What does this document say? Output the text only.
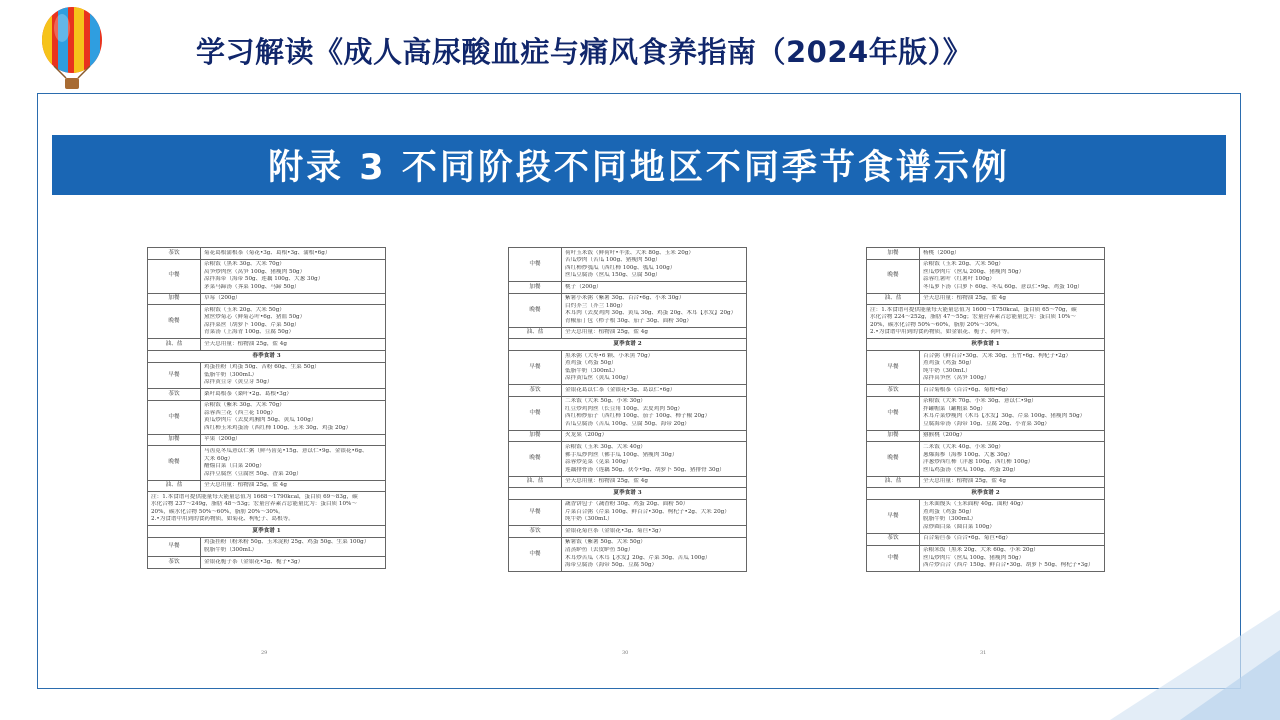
学习解读《成人高尿酸血症与痛风食养指南（2024年版）》
附录 3 不同阶段不同地区不同季节食谱示例
茶饮	菊花葛根蒲根茶（菊花•3g、葛根•3g、蒲根•6g）

中餐	杂粮饭（黑米 30g、大米 70g）
莴笋炒肉丝（莴笋 100g、猪瘦肉 50g）
凉拌海带（海带 50g、莲藕 100g、大葱 30g）
茅菜马蹄汤（荠菜 100g、马蹄 50g）

加餐	草莓（200g）

晚餐	杂粮饭（玉米 20g、大米 50g）
黛丝炒菊芯（鲜菊芯叶•6g、猪血 50g）
凉拌菜丝（胡萝卜 100g、芹菜 50g）
青菜汤（上海青 100g、豆腐 50g）

油、盐	全天总用量：植物油 25g，盐 4g

春季食谱 3	
早餐	鸡蛋挂粉（鸡蛋 50g、苦粉 60g、生菜 50g）
低脂牛奶（300mL）
凉拌黄豆芽（黄豆芽 50g）

茶饮	桑叶葛根茶（桑叶•2g、葛根•3g）

中餐	杂粮饭（紫米 30g、大米 70g）
蒜蓉西兰花（西兰花 100g）
黄瓜炒肉片（去皮鸡胸肉 50g、黄瓜 100g）
西红柿玉米鸡蛋汤（西红柿 100g、玉米 30g、鸡蛋 20g）

加餐	苹果（200g）

晚餐	马齿苋冬瓜薏苡仁粥（鲜马齿苋•15g、薏苡仁•9g、金银花•6g、
大米 60g）
醋熘白菜（白菜 200g）
凉拌豆腐丝（豆腐丝 50g、香菜 20g）

油、盐	全天总用量：植物油 25g，盐 4g

注：1.本食谱可提供能量每天能量总值为 1668～1790kcal，蛋白质 69～83g，碳
水化合物 237～249g，脂肪 48～53g；宏量营养素占总能量比为：蛋白质 10%～
20%，碳水化合物 50%～60%，脂肪 20%～30%。
2.•为食谱中用到的食药物质，如菊花、枸杞子、葛根等。	

夏季食谱 1	
早餐	鸡蛋挂粉（粉米粉 50g、玉米淀粉 25g、鸡蛋 50g、生菜 100g）
脱脂牛奶（300mL）

茶饮	金银花栀子茶（金银花•3g、栀子•3g）
29
中餐	荷叶玉米饭（鲜荷叶•半张、大米 80g、玉米 20g）
苦瓜炒肉（苦瓜 100g、猪瘦肉 50g）
西红柿炒瓠瓜（西红柿 100g、瓠瓜 100g）
丝瓜豆腐汤（丝瓜 150g、豆腐 50g）

加餐	桃子（200g）

晚餐	紫薯小米粥（紫薯 30g、百合•6g、小米 30g）
白灼芥兰（芥兰 180g）
木耳肉（去皮鸡肉 30g、黄瓜 30g、鸡蛋 20g、木耳【水发】20g）
青椒茄丁包（栉子根 30g、茄子 30g、面粉 30g）

油、盐	全天总用量：植物油 25g，盐 4g

夏季食谱 2	
早餐	黑米粥（大枣•6 颗、小米黑 70g）
煮鸡蛋（鸡蛋 50g）
低脂牛奶（300mL）
凉拌黄瓜丝（黄瓜 100g）

茶饮	金银花葛苡仁茶（金银花•3g、葛苡仁•6g）

中餐	二米饭（大米 50g、小米 30g）
红豆炒鸡肉丝（长豆角 100g、去皮鸡肉 50g）
西红柿炒茄子（西红柿 100g、茄子 100g、柿子椒 20g）
苦瓜豆腐汤（苦瓜 100g、豆腐 50g、海带 20g）

加餐	火龙果（200g）

晚餐	杂粮饭（玉米 30g、大米 40g）
佛手瓜炒肉丝（佛手瓜 100g、猪瘦肉 30g）
蒜蓉炒苋菜（苋菜 100g）
莲藕排骨汤（莲藕 50g、茯苓•9g、胡萝卜 50g、猪排骨 30g）

油、盐	全天总用量：植物油 25g，盐 4g

夏季食谱 3	
早餐	蔬香饼包子（蔬香粉 30g、鸡蛋 20g、面粉 50）
芹菜百合粥（芹菜 100g、鲜百合•30g、枸杞子•2g、大米 20g）
纯牛奶（300mL）

茶饮	金银花菊苣茶（金银花•3g、菊苣•3g）

中餐	紫薯饭（紫薯 50g、大米 50g）
清蒸鲈鱼（去皮鲈鱼 50g）
木耳炒苦瓜（木耳【水发】20g、芹菜 30g、苦瓜 100g）
海带豆腐汤（海带 50g、豆腐 50g）
30
加餐	杨桃（200g）

晚餐	杂粮饭（玉米 20g、大米 50g）
丝瓜炒肉片（丝瓜 200g、猪瘦肉 50g）
蒜蓉红薯叶（红薯叶 100g）
冬瓜萝卜汤（白萝卜 60g、冬瓜 60g、薏苡仁•9g、鸡蛋 10g）

油、盐	全天总用量：植物油 25g，盐 4g

注：1.本食谱可提供能量每天能量总值为 1600～1750kcal，蛋白质 65～70g，碳
水化合物 224～252g，脂肪 47～55g；宏量营养素占总能量比为：蛋白质 10%～
20%，碳水化合物 50%～60%，脂肪 20%～30%。
2.•为食谱中用到的食药物质，如金银花、栀子、荷叶等。	

秋季食谱 1	
早餐	百合粥（鲜百合•30g、大米 30g、玉竹•6g、枸杞子•2g）
煮鸡蛋（鸡蛋 50g）
纯牛奶（300mL）
凉拌莴笋丝（莴笋 100g）

茶饮	百合菊根茶（百合•6g、菊根•6g）

中餐	杂粮饭（大米 70g、小米 30g、薏苡仁•9g）
拌罐帽菜（罐帽菜 50g）
木耳芹菜炒瘦肉（木耳【水发】30g、芹菜 100g、猪瘦肉 50g）
豆腐海带汤（海带 10g、豆腐 20g、小青菜 30g）

加餐	猕猴桃（200g）

晚餐	二米饭（大米 40g、小米 30g）
葱爆海参（海参 100g、大葱 30g）
洋葱炒西红柿（洋葱 100g、西红柿 100g）
丝瓜鸡蛋汤（丝瓜 100g、鸡蛋 20g）

油、盐	全天总用量：植物油 25g，盐 4g

秋季食谱 2	
早餐	玉米面馒头（玉米面粉 40g、面粉 40g）
煮鸡蛋（鸡蛋 50g）
脱脂牛奶（300mL）
凉炒圆白菜（圆白菜 100g）

茶饮	百合菊苣茶（百合•6g、菊苣•6g）

中餐	杂粮米饭（黑米 20g、大米 60g、小米 20g）
丝瓜炒肉片（丝瓜 100g、猪瘦肉 50g）
西芹炒百合（西芹 150g、鲜百合•30g、胡萝卜 50g、枸杞子•3g）
31
